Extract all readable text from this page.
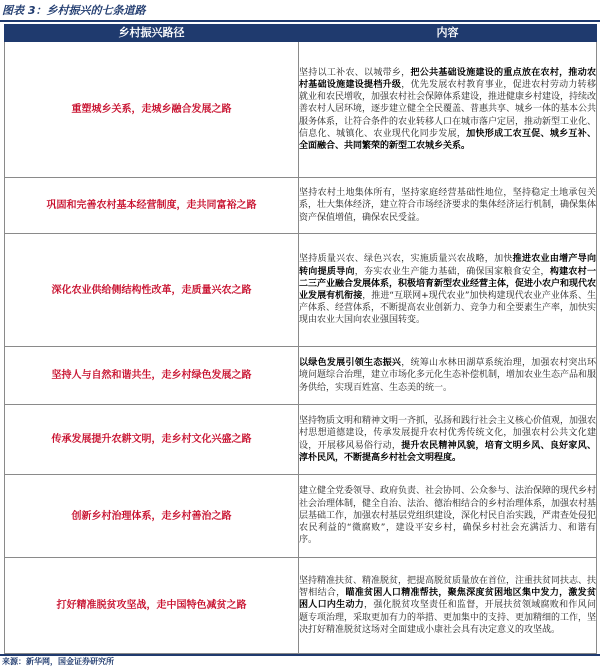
图表 3：乡村振兴的七条道路
乡村振兴路径	内容
重塑城乡关系，走城乡融合发展之路	坚持以工补农、以城带乡，把公共基础设施建设的重点放在农村，推动农村基础设施建设提档升级，优先发展农村教育事业，促进农村劳动力转移就业和农民增收，加强农村社会保障体系建设，推进健康乡村建设，持续改善农村人居环境，逐步建立健全全民覆盖、普惠共享、城乡一体的基本公共服务体系，让符合条件的农业转移人口在城市落户定居，推动新型工业化、信息化、城镇化、农业现代化同步发展，加快形成工农互促、城乡互补、全面融合、共同繁荣的新型工农城乡关系。
巩固和完善农村基本经营制度，走共同富裕之路	坚持农村土地集体所有，坚持家庭经营基础性地位，坚持稳定土地承包关系，壮大集体经济，建立符合市场经济要求的集体经济运行机制，确保集体资产保值增值，确保农民受益。
深化农业供给侧结构性改革，走质量兴农之路	坚持质量兴农、绿色兴农，实施质量兴农战略，加快推进农业由增产导向转向提质导向，夯实农业生产能力基础，确保国家粮食安全，构建农村一二三产业融合发展体系，积极培育新型农业经营主体，促进小农户和现代农业发展有机衔接，推进“互联网+现代农业”加快构建现代农业产业体系、生产体系、经营体系，不断提高农业创新力、竞争力和全要素生产率，加快实现由农业大国向农业强国转变。
坚持人与自然和谐共生，走乡村绿色发展之路	以绿色发展引领生态振兴，统筹山水林田湖草系统治理，加强农村突出环境问题综合治理，建立市场化多元化生态补偿机制，增加农业生态产品和服务供给，实现百姓富、生态美的统一。
传承发展提升农耕文明，走乡村文化兴盛之路	坚持物质文明和精神文明一齐抓，弘扬和践行社会主义核心价值观，加强农村思想道德建设，传承发展提升农村优秀传统文化，加强农村公共文化建设，开展移风易俗行动，提升农民精神风貌，培育文明乡风、良好家风、淳朴民风，不断提高乡村社会文明程度。
创新乡村治理体系，走乡村善治之路	建立健全党委领导、政府负责、社会协同、公众参与、法治保障的现代乡村社会治理体制，健全自治、法治、德治相结合的乡村治理体系，加强农村基层基础工作，加强农村基层党组织建设，深化村民自治实践，严肃查处侵犯农民利益的“微腐败”，建设平安乡村，确保乡村社会充满活力、和谐有序。
打好精准脱贫攻坚战，走中国特色减贫之路	坚持精准扶贫、精准脱贫，把提高脱贫质量放在首位，注重扶贫同扶志、扶智相结合，瞄准贫困人口精准帮扶，聚焦深度贫困地区集中发力，激发贫困人口内生动力，强化脱贫攻坚责任和监督，开展扶贫领域腐败和作风问题专项治理，采取更加有力的举措、更加集中的支持、更加精细的工作，坚决打好精准脱贫这场对全面建成小康社会具有决定意义的攻坚战。
来源：新华网，国金证券研究所
